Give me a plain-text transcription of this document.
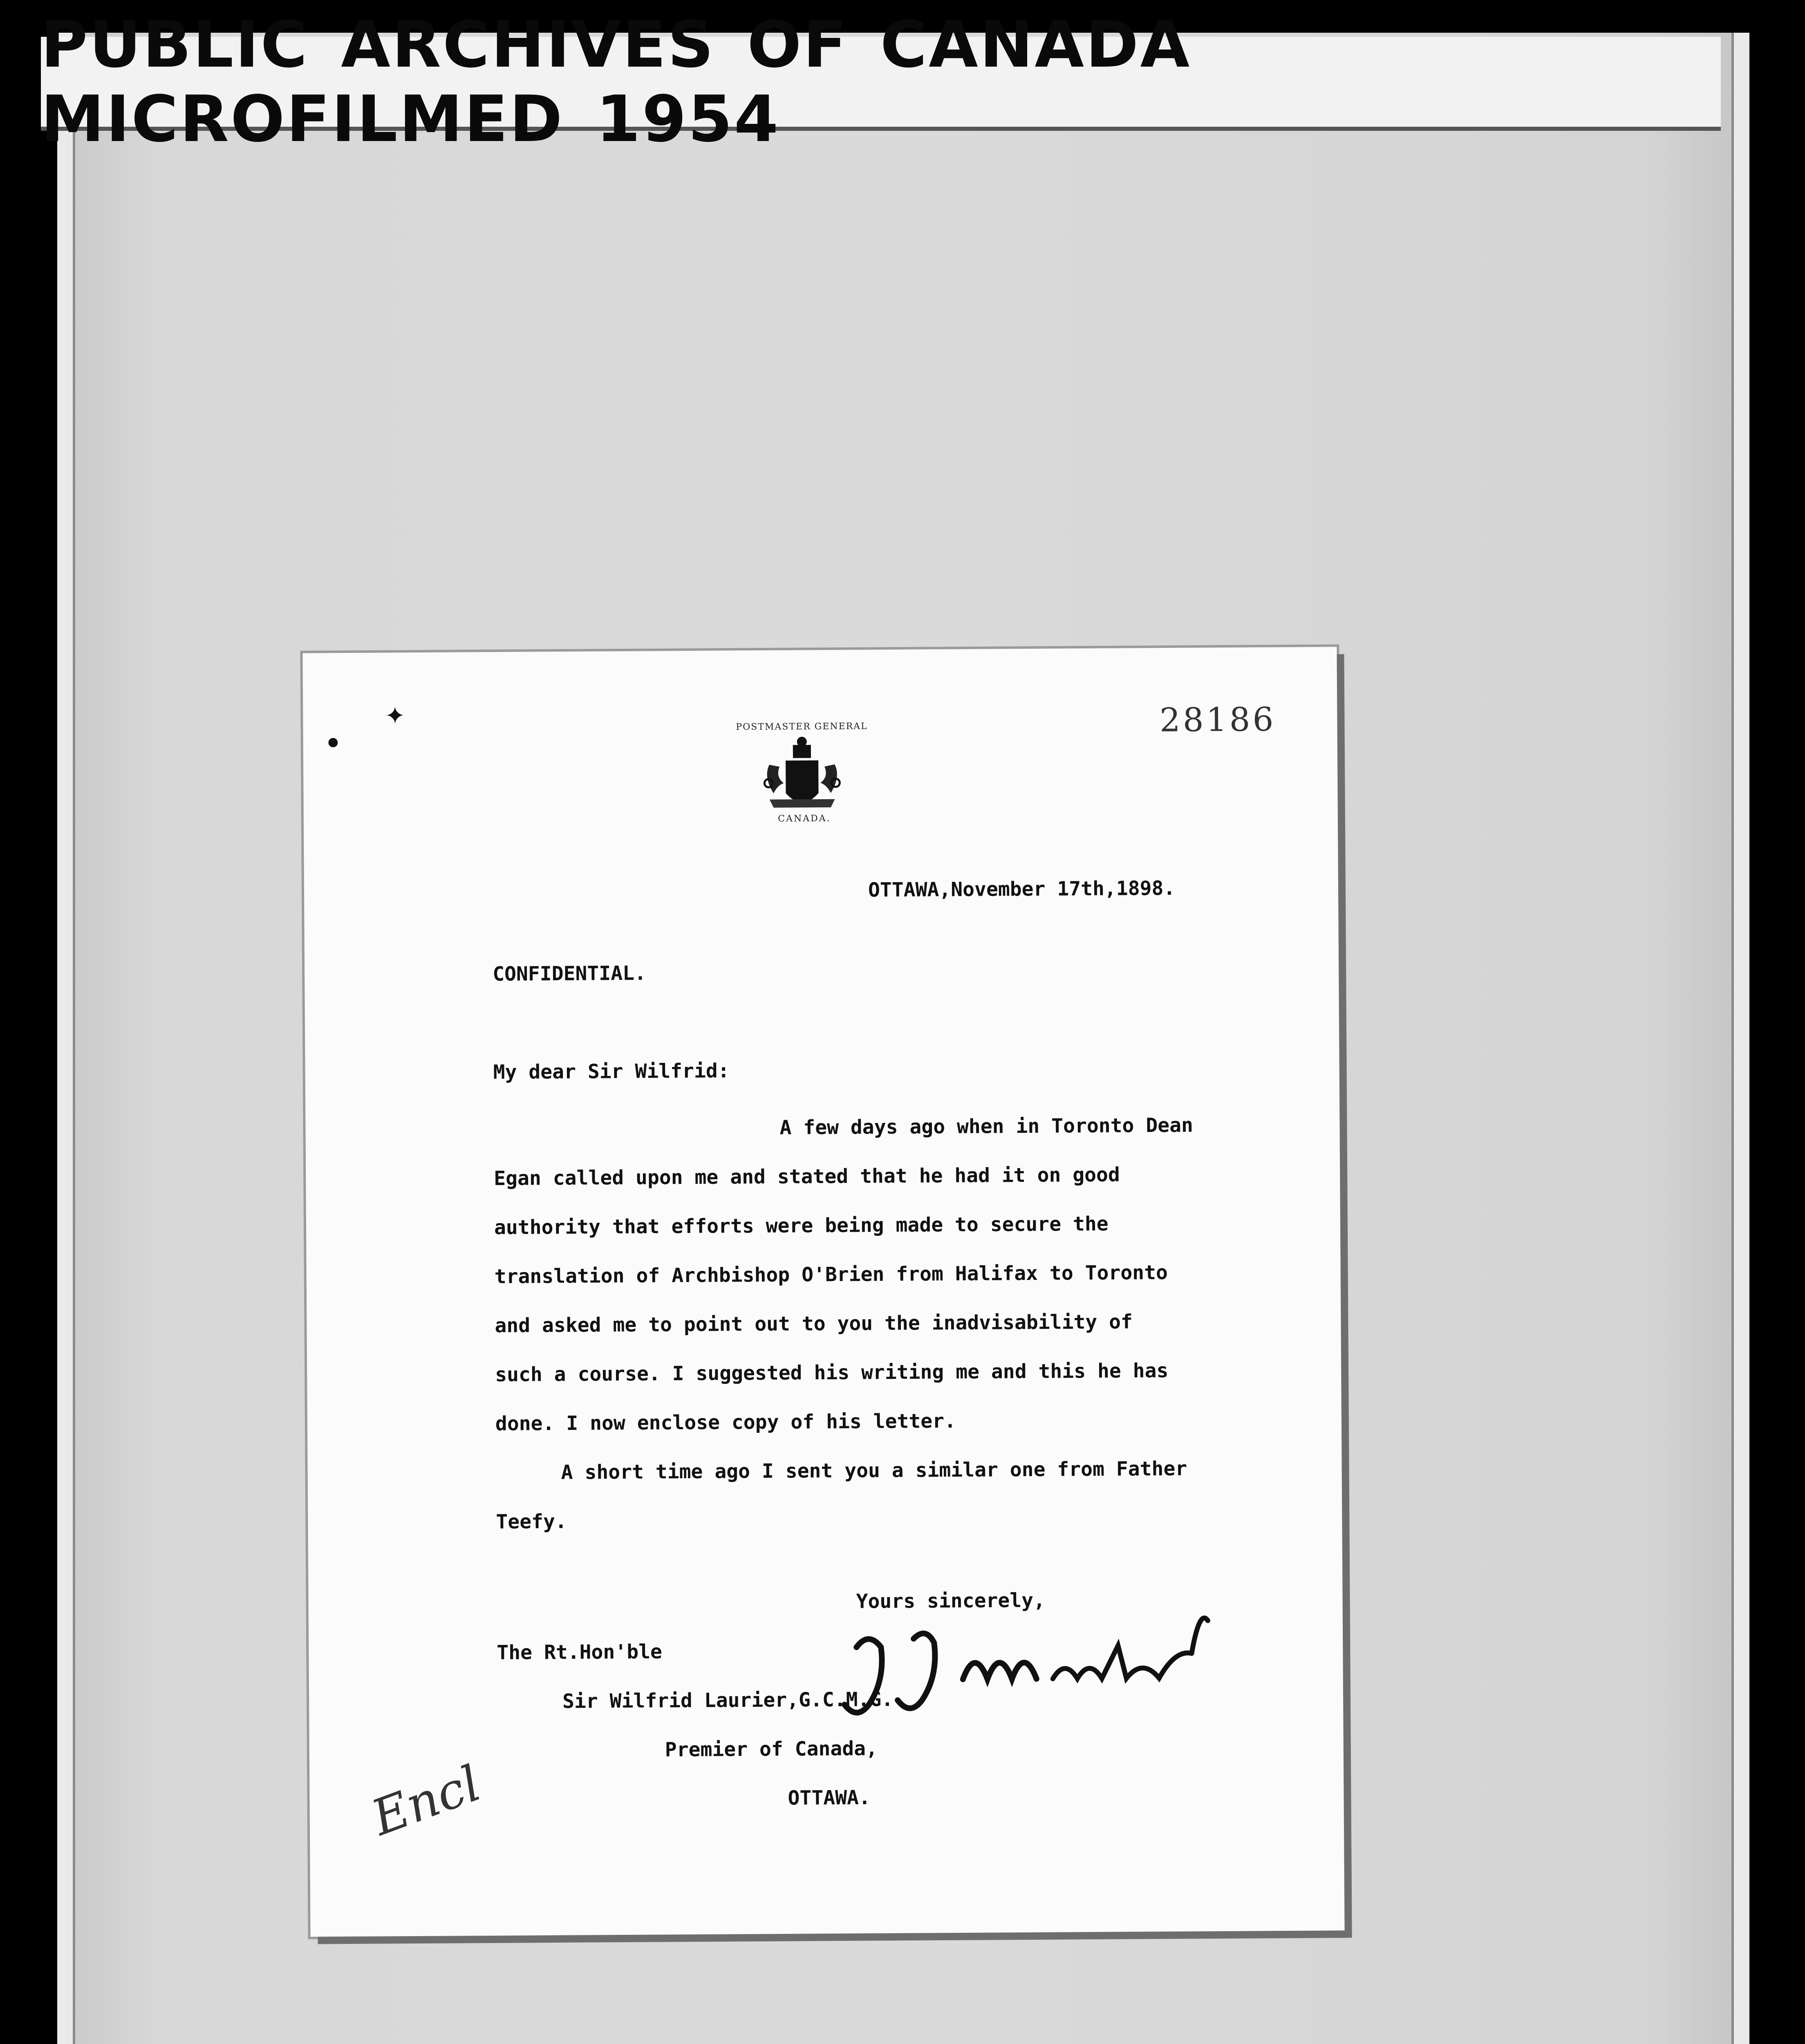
PUBLIC ARCHIVES OF CANADA MICROFILMED 1954
✦
●
28186
POSTMASTER GENERAL
CANADA.
OTTAWA,November 17th,1898.
CONFIDENTIAL.
My dear Sir Wilfrid:
A few days ago when in Toronto Dean
Egan called upon me and stated that he had it on good
authority that efforts were being made to secure the
translation of Archbishop O'Brien from Halifax to Toronto
and asked me to point out to you the inadvisability of
such a course. I suggested his writing me and this he has
done. I now enclose copy of his letter.
A short time ago I sent you a similar one from Father
Teefy.
Yours sincerely,
The Rt.Hon'ble
Sir Wilfrid Laurier,G.C.M.G.
Premier of Canada,
OTTAWA.
Encl
